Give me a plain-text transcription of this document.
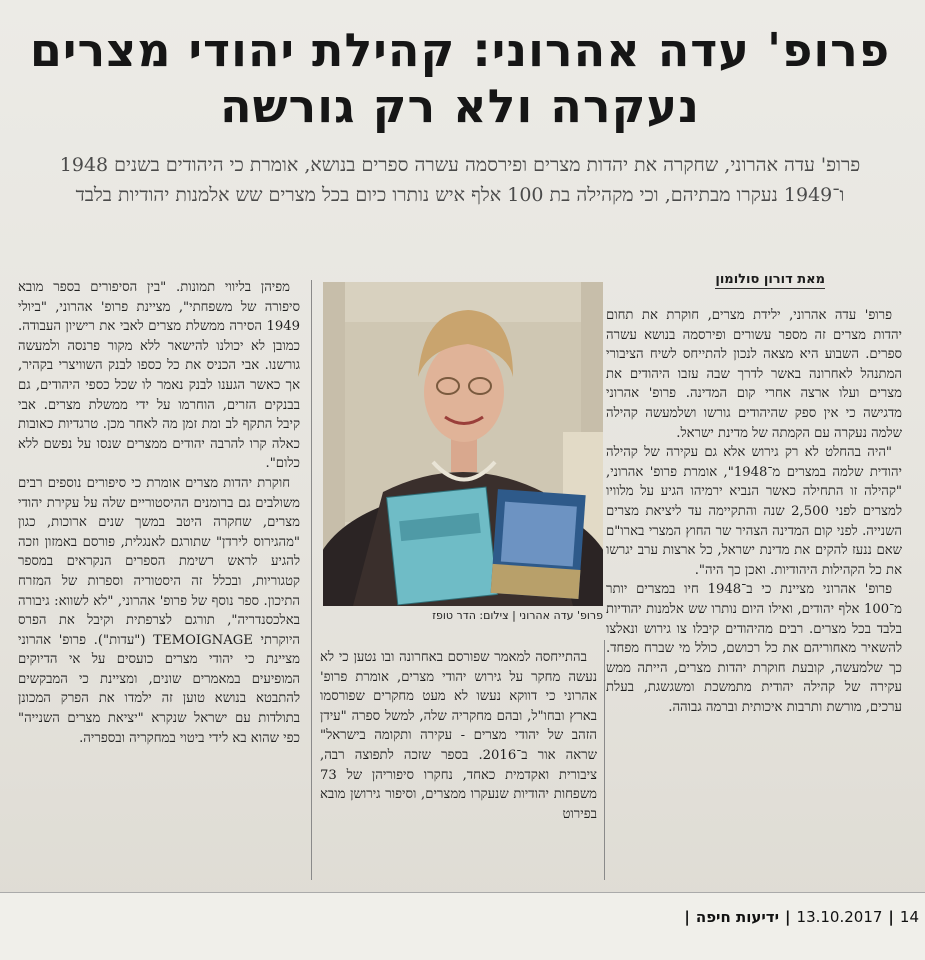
פרופ' עדה אהרוני: קהילת יהודי מצרים נעקרה ולא רק גורשה
פרופ' עדה אהרוני, שחקרה את יהדות מצרים ופירסמה עשרה ספרים בנושא, אומרת כי היהודים בשנים 1948 ו־1949 נעקרו מבתיהם, וכי מקהילה בת 100 אלף איש נותרו כיום בכל מצרים שש אלמנות יהודיות בלבד
מאת דורון סולומון

פרופ' עדה אהרוני, ילידת מצרים, חוקרת את תחום יהדות מצרים זה מספר עשורים ופירסמה בנושא עשרה ספרים. השבוע היא מצאה לנכון להתייחס לשיח הציבורי המתנהל לאחרונה באשר לדרך שבה עזבו היהודים את מצרים ועלו ארצה אחרי קום המדינה. פרופ' אהרוני מדגישה כי אין ספק שהיהודים גורשו ושלמעשה קהילה שלמה נעקרה עם הקמתה של מדינת ישראל.

"היה בהחלט לא רק גירוש אלא גם עקירה של קהילה יהודית שלמה במצרים מ־1948", אומרת פרופ' אהרוני, "קהילה זו התחילה כאשר הנביא ירמיהו הגיע על מלוויו למצרים לפני 2,500 שנה והתקיימה עד ליציאת מצרים השנייה. לפני קום המדינה הצהיר שר החוץ המצרי בארו"ם שאם ננעז להקים את מדינת ישראל, כל ארצות ערב יגרשו את כל הקהילות היהודיות. ואכן כך היה".

פרופ' אהרוני מציינת כי ב־1948 חיו במצרים יותר מ־100 אלף יהודים, ואילו היום נותרו שש אלמנות יהודיות בלבד בכל מצרים. רבים מהיהודים קיבלו צו גירוש ונאלצו להשאיר מאחוריהם את כל רכושם, כולל מי שברח מפחד. כך שלמעשה, קובעת חוקרת יהדות מצרים, הייתה ממש עקירה של קהילה יהודית מתמשכת ומשגשגת, בעלת ערכים, מורשת ותרבות איכותית וברמה גבוהה.

פרופ' עדה אהרוני | צילום: הדר טופז

בהתייחסה למאמר שפורסם באחרונה ובו נטען כי לא נעשה מחקר על גירוש יהודי מצרים, אומרת פרופ' אהרוני כי דווקא נעשו לא מעט מחקרים שפורסמו בארץ ובחו"ל, ובהם מחקריה שלה, למשל ספרה "עידן הזהב של יהודי מצרים - עקירה ותקומה בישראל" שראה אור ב־2016. בספר שזכה לתפוצה רבה, ציבורית ואקדמית כאחד, נחקרו סיפוריהן של 73 משפחות יהודיות שנעקרו ממצרים, וסיפור גירושן מובא בפירוט

מפיהן בליווי תמונות. "בין הסיפורים בספר מובא סיפורה של משפחתי", מציינת פרופ' אהרוני, "ביולי 1949 הסירה ממשלת מצרים לאבי את רישיון העבודה. כמובן לא יכולנו להישאר ללא מקור פרנסה ולמעשה גורשנו. אבי הכניס את כל כספו לבנק השוויצרי בקהיר, אך כאשר הגענו לבנק נאמר לו שכל כספי היהודים, גם בבנקים הזרים, הוחרמו על ידי ממשלת מצרים. אבי קיבל התקף לב ומת זמן מה לאחר מכן. טרגדיות כאובות כאלה קרו להרבה יהודים ממצרים שנסו על נפשם ללא כלום".

חוקרת יהדות מצרים אומרת כי סיפורים נוספים רבים משולבים גם ברומנים ההיסטוריים שלה על עקירת יהודי מצרים, שחקרה היטב במשך שנים ארוכות, כגון "מהגירוס לירדן" שתורגם לאנגלית, פורסם באמזון וזכה להגיע לראש רשימת הספרים הנקראים במספר קטגוריות, ובכלל זה היסטוריה וספרות של המזרח התיכון. ספר נוסף של פרופ' אהרוני, "לא לשווא: גיבורה באלכסנדריה", תורגם לצרפתית וקיבל את הפרס היוקרתי TEMOIGNAGE ("עדות"). פרופ' אהרוני מציינת כי יהודי מצרים כועסים על אי הדיוקים המופיעים במאמרים שונים, ומציינת כי המבקשים להתבטא בנושא טוען זה ילמדו את הפרק המכונן בתולדות עם ישראל שנקרא "יציאת מצרים השנייה" כפי שהוא בא לידי ביטוי במחקריה ובספריה.

14
|
13.10.2017
|
ידיעות חיפה
|
